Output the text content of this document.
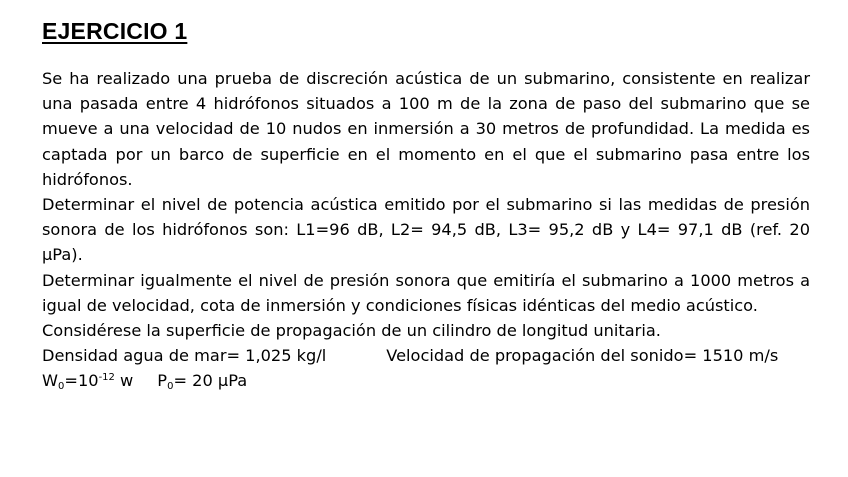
EJERCICIO 1

Se ha realizado una prueba de discreción acústica de un submarino, consistente en realizar una pasada entre 4 hidrófonos situados a 100 m de la zona de paso del submarino que se mueve a una velocidad de 10 nudos en inmersión a 30 metros de profundidad. La medida es captada por un barco de superficie en el momento en el que el submarino pasa entre los hidrófonos.

Determinar el nivel de potencia acústica emitido por el submarino si las medidas de presión sonora de los hidrófonos son: L1=96 dB, L2= 94,5 dB, L3= 95,2 dB y L4= 97,1 dB (ref. 20 µPa).

Determinar igualmente el nivel de presión sonora que emitiría el submarino a 1000 metros a igual de velocidad, cota de inmersión y condiciones físicas idénticas del medio acústico.

Considérese la superficie de propagación de un cilindro de longitud unitaria.

Densidad agua de mar= 1,025 kg/l	Velocidad de propagación del sonido= 1510 m/s
$W_0=10^{-12}$ w $P_0= 20$ µPa
